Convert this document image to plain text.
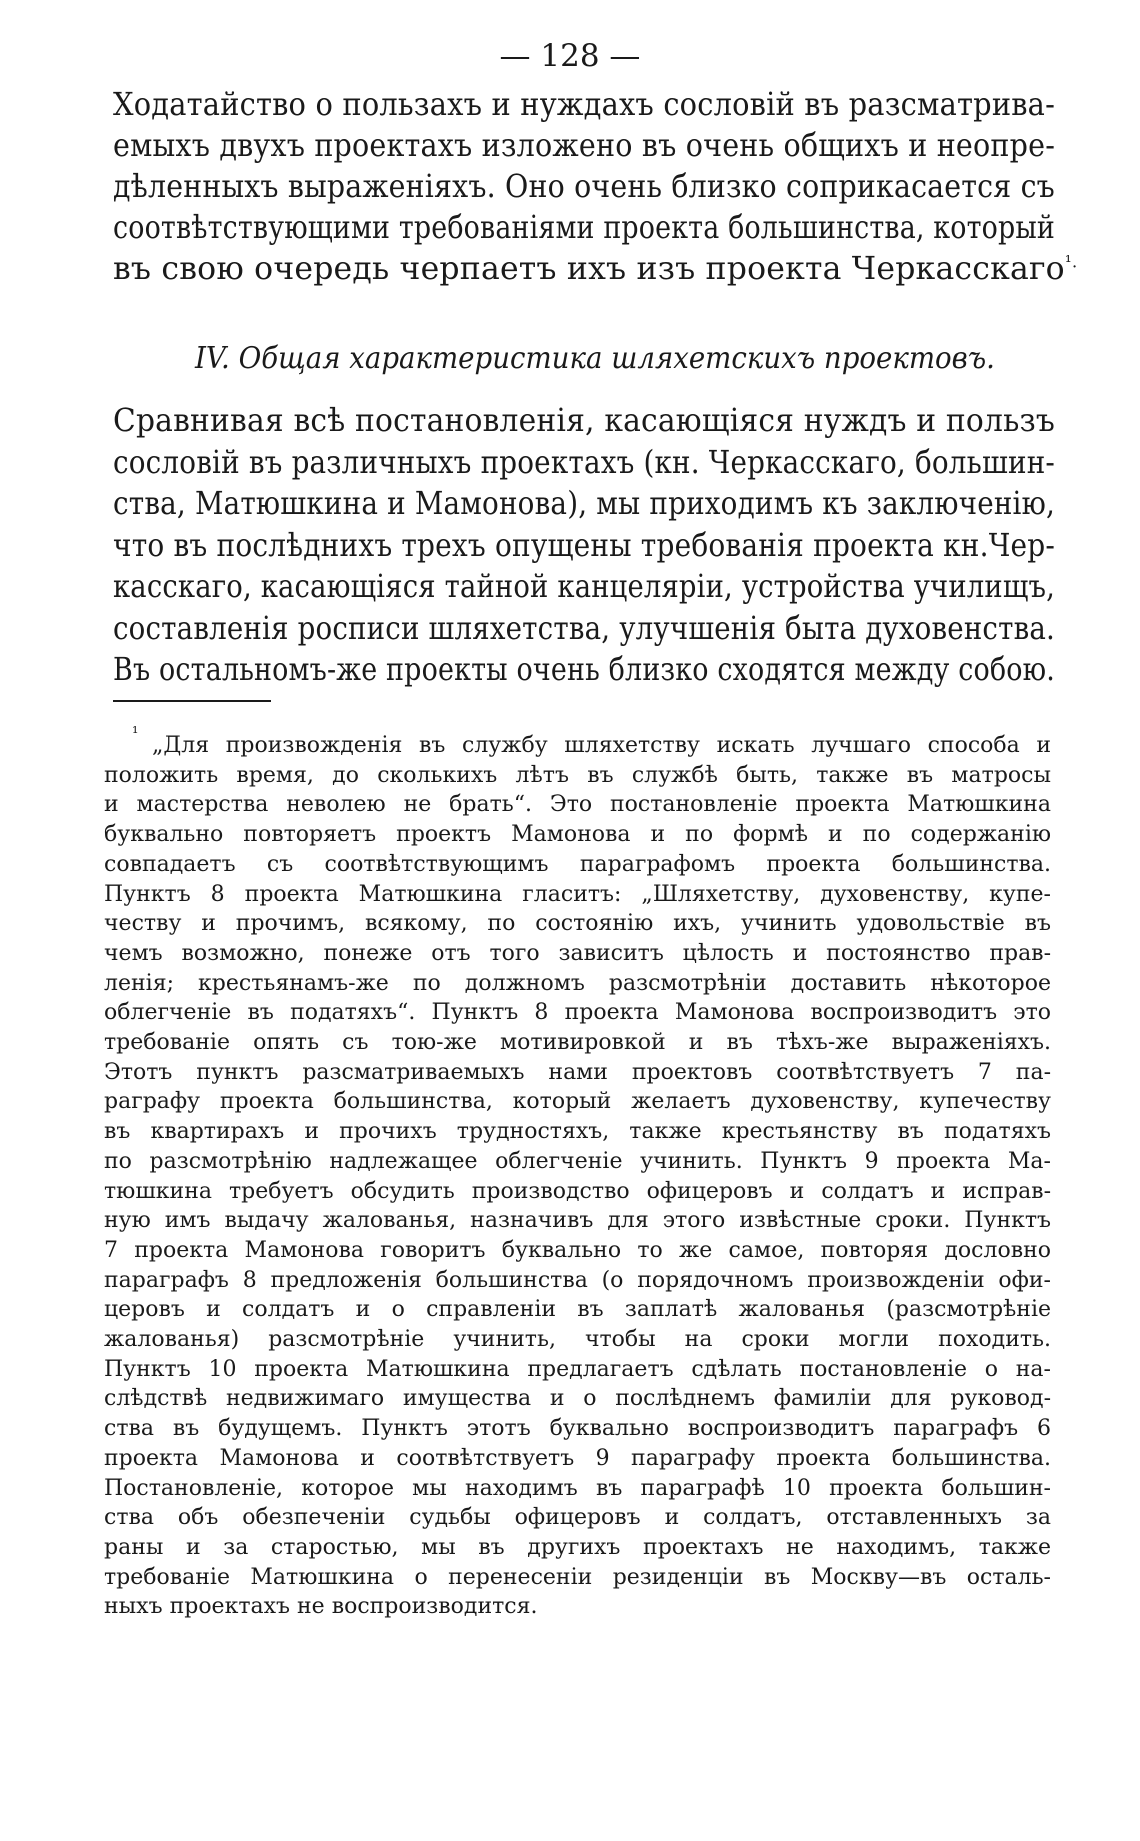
— 128 —
Ходатайство о пользахъ и нуждахъ сословій въ разсматрива-
емыхъ двухъ проектахъ изложено въ очень общихъ и неопре-
дѣленныхъ выраженіяхъ. Оно очень близко соприкасается съ
соотвѣтствующими требованіями проекта большинства, который
въ свою очередь черпаетъ ихъ изъ проекта Черкасскаго$^{^1.}$
IV. Общая характеристика шляхетскихъ проектовъ.
Сравнивая всѣ постановленія, касающіяся нуждъ и пользъ
сословій въ различныхъ проектахъ (кн. Черкасскаго, большин-
ства, Матюшкина и Мамонова), мы приходимъ къ заключенію,
что въ послѣднихъ трехъ опущены требованія проекта кн.Чер-
касскаго, касающіяся тайной канцеляріи, устройства училищъ,
составленія росписи шляхетства, улучшенія быта духовенства.
Въ остальномъ-же проекты очень близко сходятся между собою.
„Для произвожденія въ службу шляхетству искать лучшаго способа и
положить время, до сколькихъ лѣтъ въ службѣ быть, также въ матросы
и мастерства неволею не брать“. Это постановленіе проекта Матюшкина
буквально повторяетъ проектъ Мамонова и по формѣ и по содержанію
совпадаетъ съ соотвѣтствующимъ параграфомъ проекта большинства.
Пунктъ 8 проекта Матюшкина гласитъ: „Шляхетству, духовенству, купе-
честву и прочимъ, всякому, по состоянію ихъ, учинить удовольствіе въ
чемъ возможно, понеже отъ того зависитъ цѣлость и постоянство прав-
ленія; крестьянамъ-же по должномъ разсмотрѣніи доставить нѣкоторое
облегченіе въ податяхъ“. Пунктъ 8 проекта Мамонова воспроизводитъ это
требованіе опять съ тою-же мотивировкой и въ тѣхъ-же выраженіяхъ.
Этотъ пунктъ разсматриваемыхъ нами проектовъ соотвѣтствуетъ 7 па-
раграфу проекта большинства, который желаетъ духовенству, купечеству
въ квартирахъ и прочихъ трудностяхъ, также крестьянству въ податяхъ
по разсмотрѣнію надлежащее облегченіе учинить. Пунктъ 9 проекта Ма-
тюшкина требуетъ обсудить производство офицеровъ и солдатъ и исправ-
ную имъ выдачу жалованья, назначивъ для этого извѣстные сроки. Пунктъ
7 проекта Мамонова говоритъ буквально то же самое, повторяя дословно
параграфъ 8 предложенія большинства (о порядочномъ произвожденіи офи-
церовъ и солдатъ и о справленіи въ заплатѣ жалованья (разсмотрѣніе
жалованья) разсмотрѣніе учинить, чтобы на сроки могли походить.
Пунктъ 10 проекта Матюшкина предлагаетъ сдѣлать постановленіе о на-
слѣдствѣ недвижимаго имущества и о послѣднемъ фамиліи для руковод-
ства въ будущемъ. Пунктъ этотъ буквально воспроизводитъ параграфъ 6
проекта Мамонова и соотвѣтствуетъ 9 параграфу проекта большинства.
Постановленіе, которое мы находимъ въ параграфѣ 10 проекта большин-
ства объ обезпеченіи судьбы офицеровъ и солдатъ, отставленныхъ за
раны и за старостью, мы въ другихъ проектахъ не находимъ, также
требованіе Матюшкина о перенесеніи резиденціи въ Москву—въ осталь-
ныхъ проектахъ не воспроизводится.
¹
